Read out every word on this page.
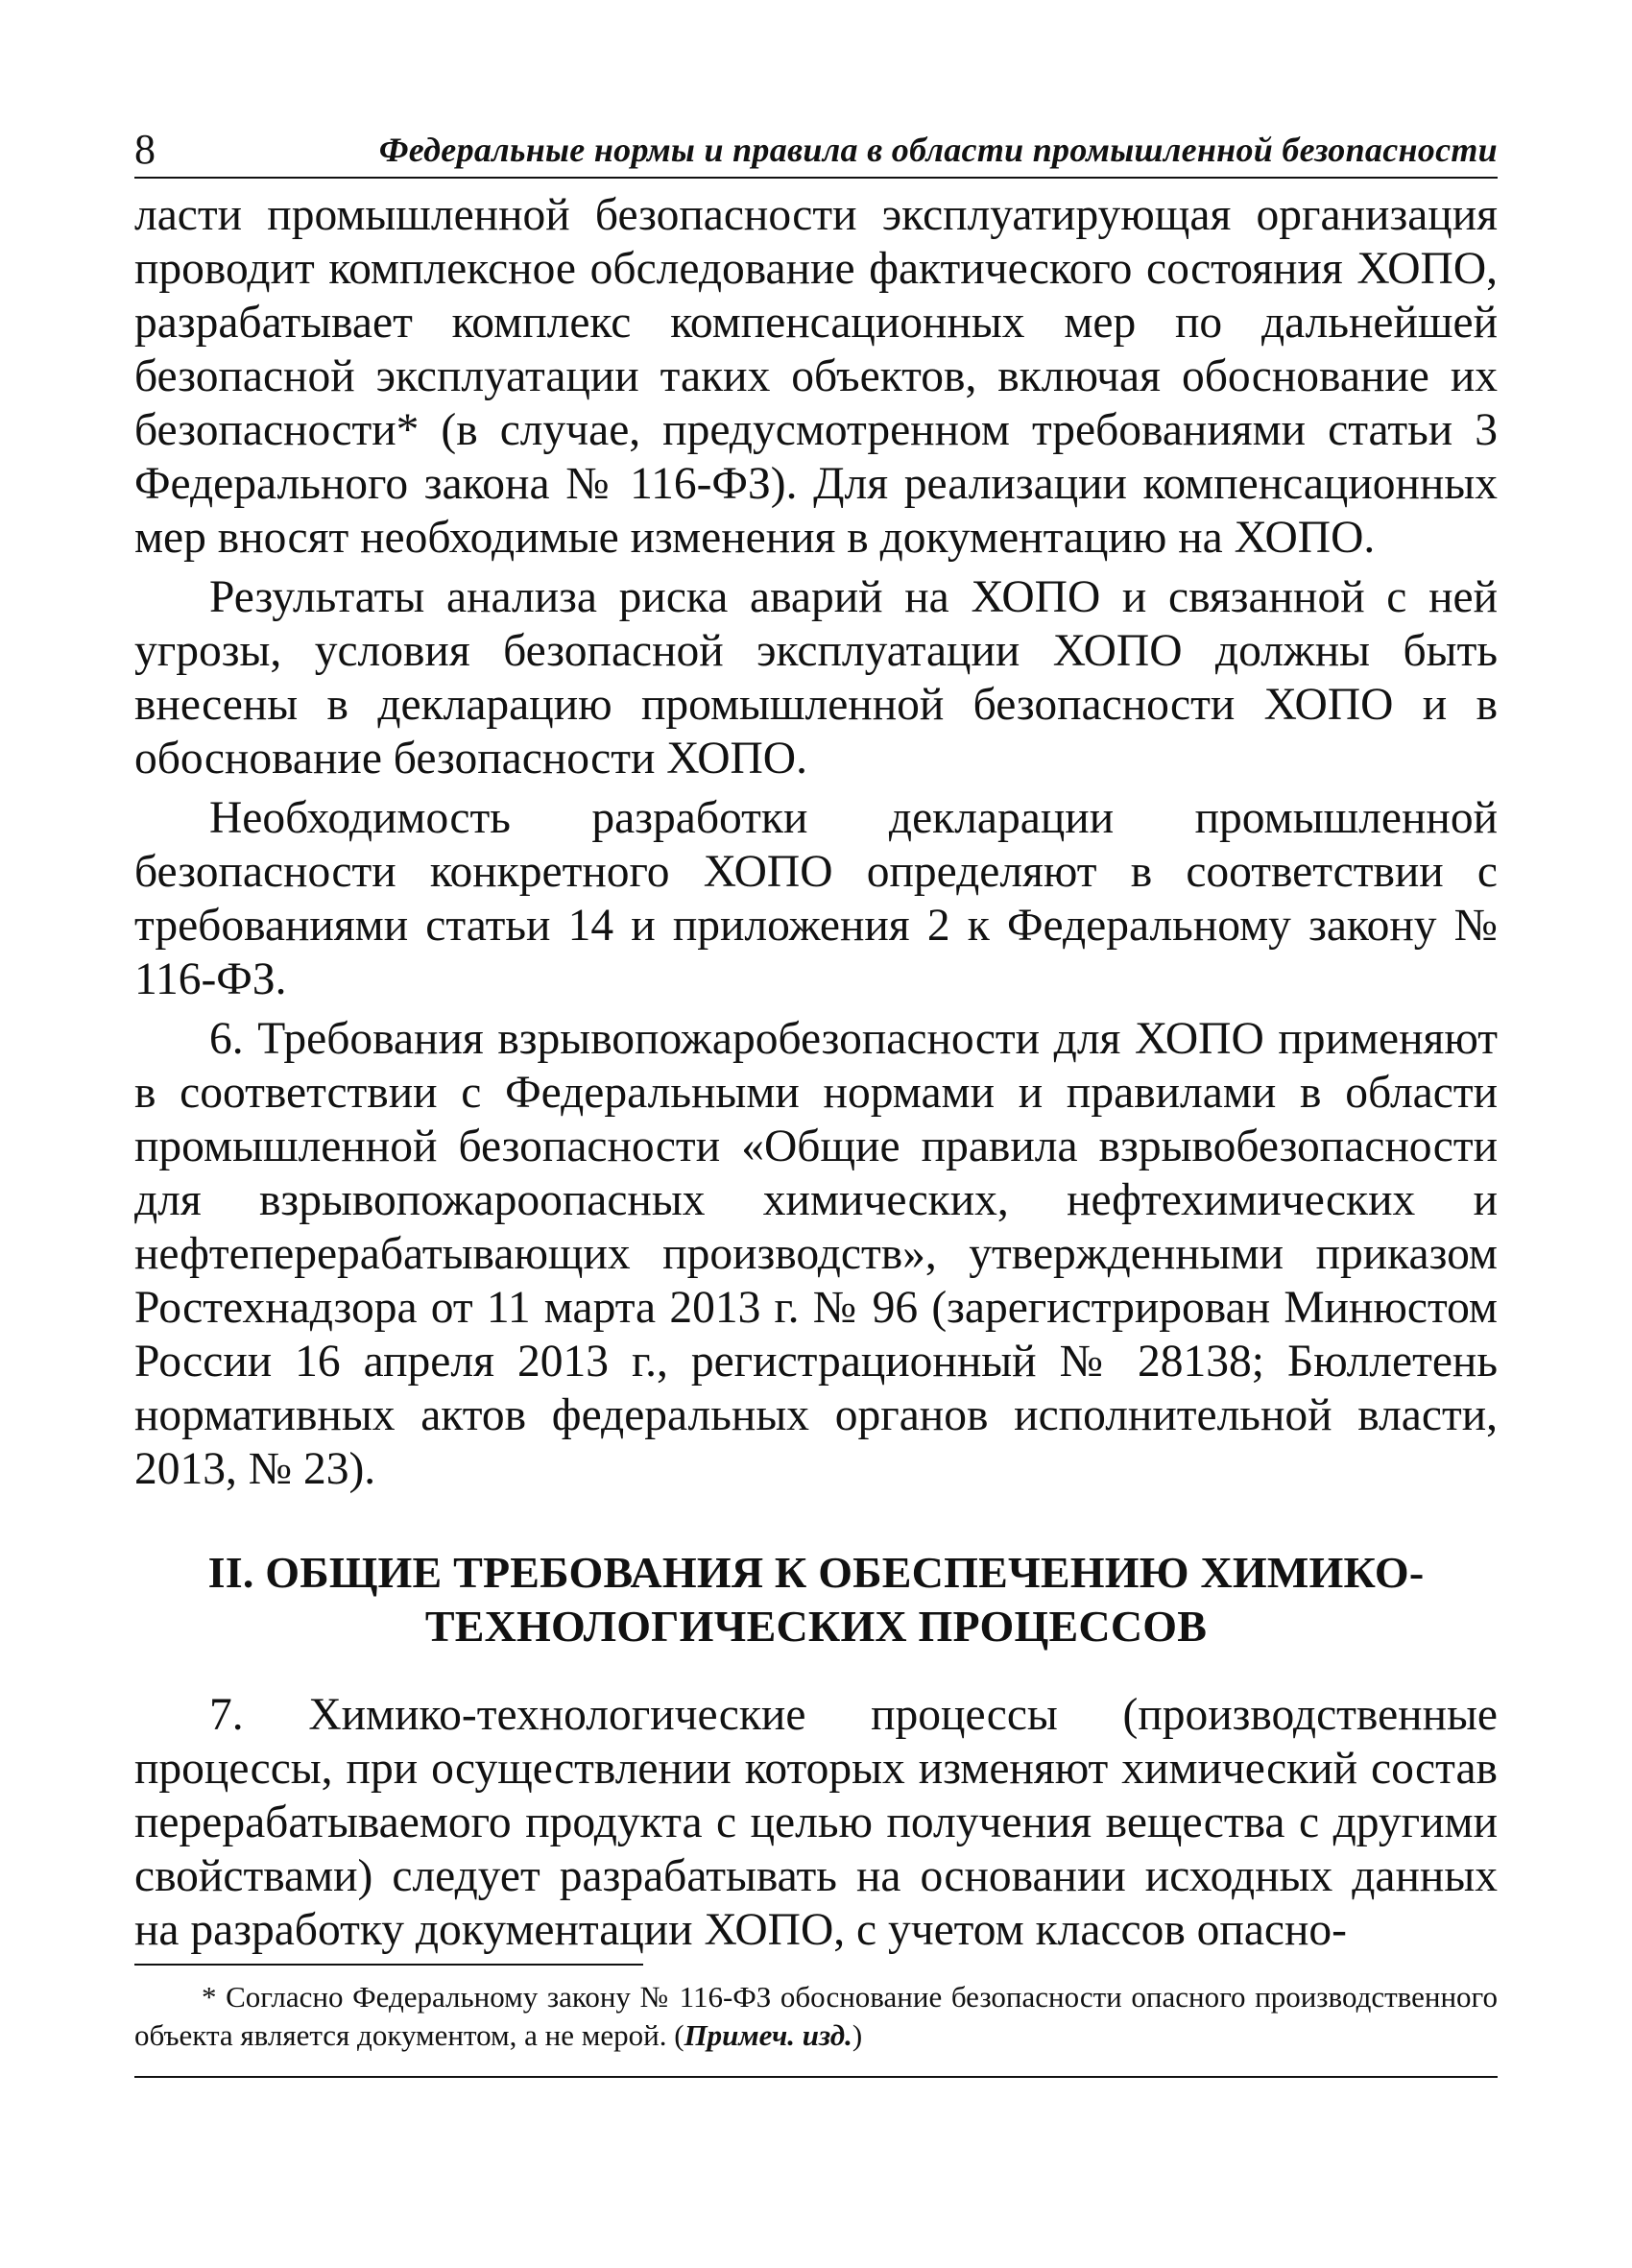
8	Федеральные нормы и правила в области промышленной безопасности

ласти промышленной безопасности эксплуатирующая организация проводит комплексное обследование фактического состояния ХОПО, разрабатывает комплекс компенсационных мер по дальнейшей безопасной эксплуатации таких объектов, включая обоснование их безопасности* (в случае, предусмотренном требованиями статьи 3 Федерального закона № 116-ФЗ). Для реализации компенсационных мер вносят необходимые изменения в документацию на ХОПО.

Результаты анализа риска аварий на ХОПО и связанной с ней угрозы, условия безопасной эксплуатации ХОПО должны быть внесены в декларацию промышленной безопасности ХОПО и в обоснование безопасности ХОПО.

Необходимость разработки декларации промышленной безопасности конкретного ХОПО определяют в соответствии с требованиями статьи 14 и приложения 2 к Федеральному закону № 116-ФЗ.

6. Требования взрывопожаробезопасности для ХОПО применяют в соответствии с Федеральными нормами и правилами в области промышленной безопасности «Общие правила взрывобезопасности для взрывопожароопасных химических, нефтехимических и нефтеперерабатывающих производств», утвержденными приказом Ростехнадзора от 11 марта 2013 г. № 96 (зарегистрирован Минюстом России 16 апреля 2013 г., регистрационный № 28138; Бюллетень нормативных актов федеральных органов исполнительной власти, 2013, № 23).

II. ОБЩИЕ ТРЕБОВАНИЯ К ОБЕСПЕЧЕНИЮ ХИМИКО-
ТЕХНОЛОГИЧЕСКИХ ПРОЦЕССОВ

7. Химико-технологические процессы (производственные процессы, при осуществлении которых изменяют химический состав перерабатываемого продукта с целью получения вещества с другими свойствами) следует разрабатывать на основании исходных данных на разработку документации ХОПО, с учетом классов опасно-

* Согласно Федеральному закону № 116-ФЗ обоснование безопасности опасного производственного объекта является документом, а не мерой. (Примеч. изд.)
